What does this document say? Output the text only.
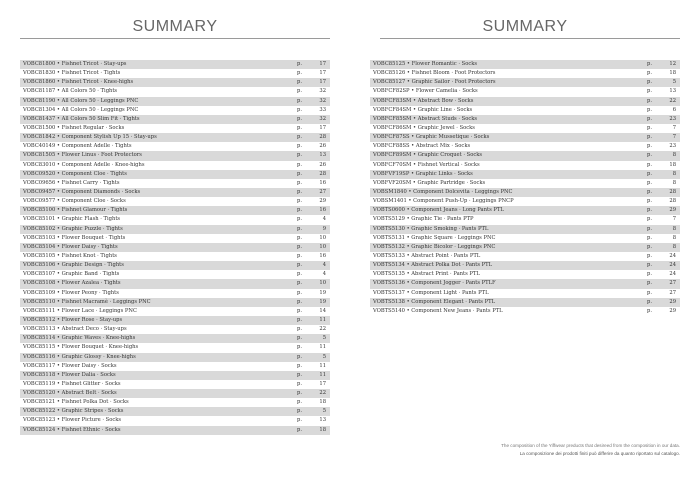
SUMMARY
VOBC81800 • Fishnet Tricot · Stay-ups	p.	17
VOBC81830 • Fishnet Tricot · Tights	p.	17
VOBC81860 • Fishnet Tricot · Knee-highs	p.	17
VOBC81187 • All Colors 50 · Tights	p.	32
VOBC81190 • All Colors 50 · Leggings PNC	p.	32
VOBC81304 • All Colors 50 · Leggings PNC	p.	33
VOBC81437 • All Colors 50 Slim Fit · Tights	p.	32
VOBC81500 • Fishnet Regular · Socks	p.	17
VOBC81842 • Component Stylish Up 15 · Stay-ups	p.	28
VOBC40149 • Component Adelle · Tights	p.	26
VOBC81505 • Flower Linus · Foot Protectors	p.	13
VOBC83010 • Component Adelle · Knee-highs	p.	26
VOBC09520 • Component Cloe · Tights	p.	28
VOBC09656 • Fishnet Carry · Tights	p.	16
VOBC09457 • Component Diamonds · Socks	p.	27
VOBC09577 • Component Cloe · Socks	p.	29
VOBC85100 • Fishnet Glamour · Tights	p.	16
VOBC85101 • Graphic Flash · Tights	p.	4
VOBC85102 • Graphic Puzzle · Tights	p.	9
VOBC85103 • Flower Bouquet · Tights	p.	10
VOBC85104 • Flower Daisy · Tights	p.	10
VOBC85105 • Fishnet Knot · Tights	p.	16
VOBC85106 • Graphic Design · Tights	p.	4
VOBC85107 • Graphic Band · Tights	p.	4
VOBC85108 • Flower Azalea · Tights	p.	10
VOBC85109 • Flower Peony · Tights	p.	19
VOBC85110 • Fishnet Macramè · Leggings PNC	p.	19
VOBC85111 • Flower Lace · Leggings PNC	p.	14
VOBC85112 • Flower Rose · Stay-ups	p.	11
VOBC85113 • Abstract Deco · Stay-ups	p.	22
VOBC85114 • Graphic Waves · Knee-highs	p.	5
VOBC85115 • Flower Bouquet · Knee-highs	p.	11
VOBC85116 • Graphic Glossy · Knee-highs	p.	5
VOBC85117 • Flower Daisy · Socks	p.	11
VOBC85118 • Flower Dalia · Socks	p.	11
VOBC85119 • Fishnet Glitter · Socks	p.	17
VOBC85120 • Abstract Belt · Socks	p.	22
VOBC85121 • Fishnet Polka Dot · Socks	p.	18
VOBC85122 • Graphic Stripes · Socks	p.	5
VOBC85123 • Flower Picture · Socks	p.	13
VOBC85124 • Fishnet Ethnic · Socks	p.	18
SUMMARY
VOBC85125 • Flower Romantic · Socks	p.	12
VOBC85126 • Fishnet Bloom · Foot Protectors	p.	18
VOBC85127 • Graphic Sailor · Foot Protectors	p.	5
VOBFCF82SP • Flower Camelia · Socks	p.	13
VOBFCF83SM • Abstract Bow · Socks	p.	22
VOBFCF84SM • Graphic Line · Socks	p.	6
VOBFCF85SM • Abstract Studs · Socks	p.	23
VOBFCF86SM • Graphic Jewel · Socks	p.	7
VOBFCF87SS • Graphic Mussetique · Socks	p.	7
VOBFCF88SS • Abstract Mix · Socks	p.	23
VOBFCF89SM • Graphic Croquet · Socks	p.	8
VOBFCF70SM • Fishnet Vertical · Socks	p.	18
VOBFVF19SP • Graphic Links · Socks	p.	8
VOBFVF20SM • Graphic Partridge · Socks	p.	8
VOBSM1840 • Component Dolcevita · Leggings PNC	p.	28
VOBSM1401 • Component Push-Up · Leggings PNCP	p.	28
VOBTS0600 • Component Jeans · Long Pants PTL	p.	29
VOBTS5129 • Graphic Tie · Pants PTP	p.	7
VOBTS5130 • Graphic Smoking · Pants PTL	p.	8
VOBTS5131 • Graphic Square · Leggings PNC	p.	8
VOBTS5132 • Graphic Bicolor · Leggings PNC	p.	8
VOBTS5133 • Abstract Point · Pants PTL	p.	24
VOBTS5134 • Abstract Polka Dot · Pants PTL	p.	24
VOBTS5135 • Abstract Print · Pants PTL	p.	24
VOBTS5136 • Component Jogger · Pants PTLF	p.	27
VOBTS5137 • Component Light · Pants PTL	p.	27
VOBTS5138 • Component Elegant · Pants PTL	p.	29
VOBTS5140 • Component New Jeans · Pants PTL	p.	29
The composition of the Yiffwear preducts that desireed from the composition in our data.
La composizione dei prodotti finiti può differire da quanto riportato sul catalogo.
